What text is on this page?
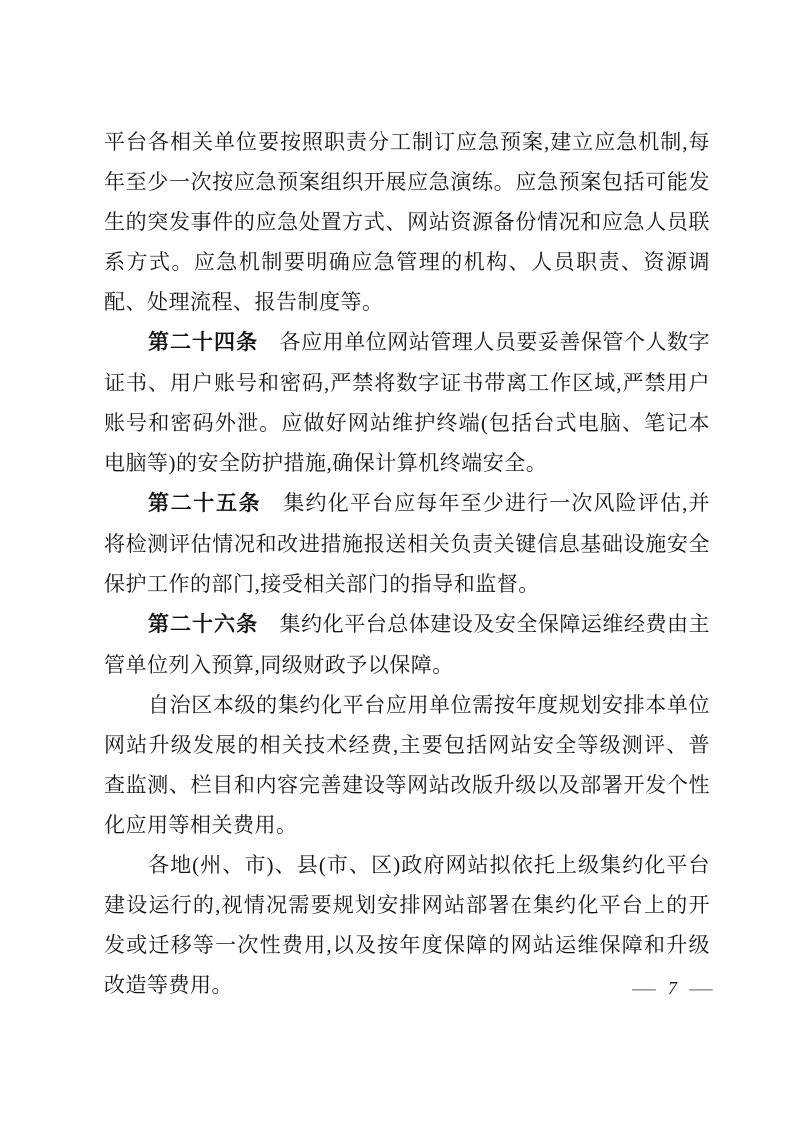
平台各相关单位要按照职责分工制订应急预案,建立应急机制,每年至少一次按应急预案组织开展应急演练。应急预案包括可能发生的突发事件的应急处置方式、网站资源备份情况和应急人员联系方式。应急机制要明确应急管理的机构、人员职责、资源调配、处理流程、报告制度等。

第二十四条　各应用单位网站管理人员要妥善保管个人数字证书、用户账号和密码,严禁将数字证书带离工作区域,严禁用户账号和密码外泄。应做好网站维护终端(包括台式电脑、笔记本电脑等)的安全防护措施,确保计算机终端安全。

第二十五条　集约化平台应每年至少进行一次风险评估,并将检测评估情况和改进措施报送相关负责关键信息基础设施安全保护工作的部门,接受相关部门的指导和监督。

第二十六条　集约化平台总体建设及安全保障运维经费由主管单位列入预算,同级财政予以保障。

自治区本级的集约化平台应用单位需按年度规划安排本单位网站升级发展的相关技术经费,主要包括网站安全等级测评、普查监测、栏目和内容完善建设等网站改版升级以及部署开发个性化应用等相关费用。

各地(州、市)、县(市、区)政府网站拟依托上级集约化平台建设运行的,视情况需要规划安排网站部署在集约化平台上的开发或迁移等一次性费用,以及按年度保障的网站运维保障和升级改造等费用。	— 7 —
